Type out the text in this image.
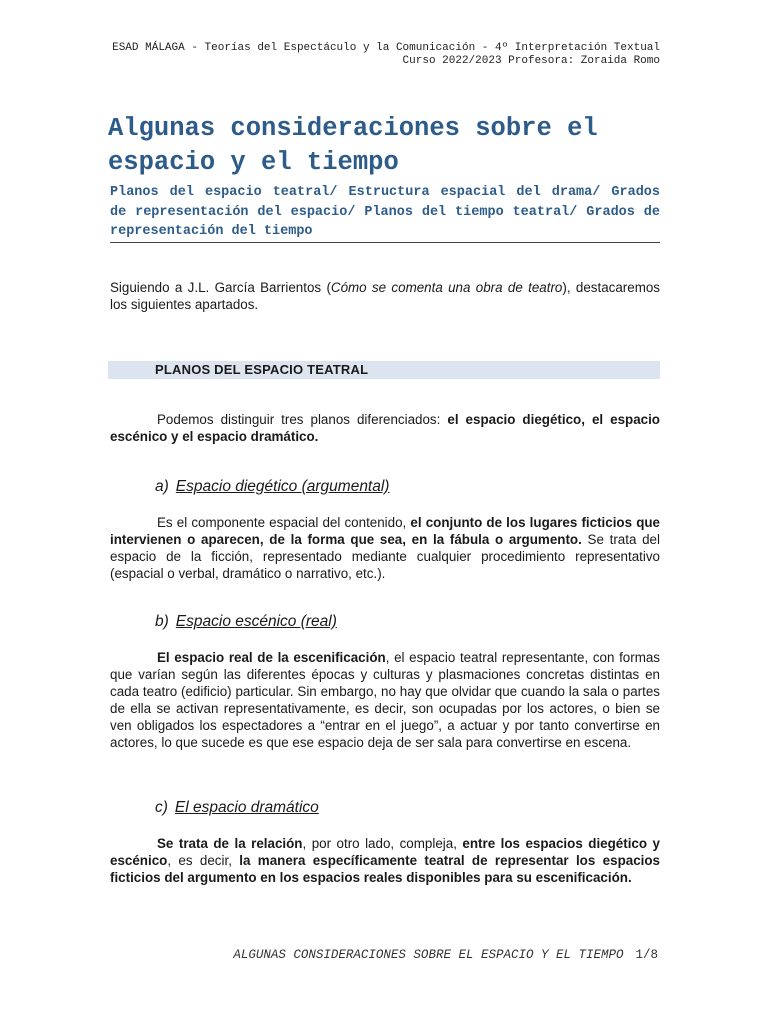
ESAD MÁLAGA - Teorías del Espectáculo y la Comunicación - 4º Interpretación Textual
Curso 2022/2023 Profesora: Zoraida Romo
Algunas consideraciones sobre el espacio y el tiempo

Planos del espacio teatral/ Estructura espacial del drama/ Grados de representación del espacio/ Planos del tiempo teatral/ Grados de representación del tiempo

Siguiendo a J.L. García Barrientos (Cómo se comenta una obra de teatro), destacaremos los siguientes apartados.

PLANOS DEL ESPACIO TEATRAL

Podemos distinguir tres planos diferenciados: el espacio diegético, el espacio escénico y el espacio dramático.

a) Espacio diegético (argumental)

Es el componente espacial del contenido, el conjunto de los lugares ficticios que intervienen o aparecen, de la forma que sea, en la fábula o argumento. Se trata del espacio de la ficción, representado mediante cualquier procedimiento representativo (espacial o verbal, dramático o narrativo, etc.).

b) Espacio escénico (real)

El espacio real de la escenificación, el espacio teatral representante, con formas que varían según las diferentes épocas y culturas y plasmaciones concretas distintas en cada teatro (edificio) particular. Sin embargo, no hay que olvidar que cuando la sala o partes de ella se activan representativamente, es decir, son ocupadas por los actores, o bien se ven obligados los espectadores a “entrar en el juego”, a actuar y por tanto convertirse en actores, lo que sucede es que ese espacio deja de ser sala para convertirse en escena.

c) El espacio dramático

Se trata de la relación, por otro lado, compleja, entre los espacios diegético y escénico, es decir, la manera específicamente teatral de representar los espacios ficticios del argumento en los espacios reales disponibles para su escenificación.

ALGUNAS CONSIDERACIONES SOBRE EL ESPACIO Y EL TIEMPO 1/8
